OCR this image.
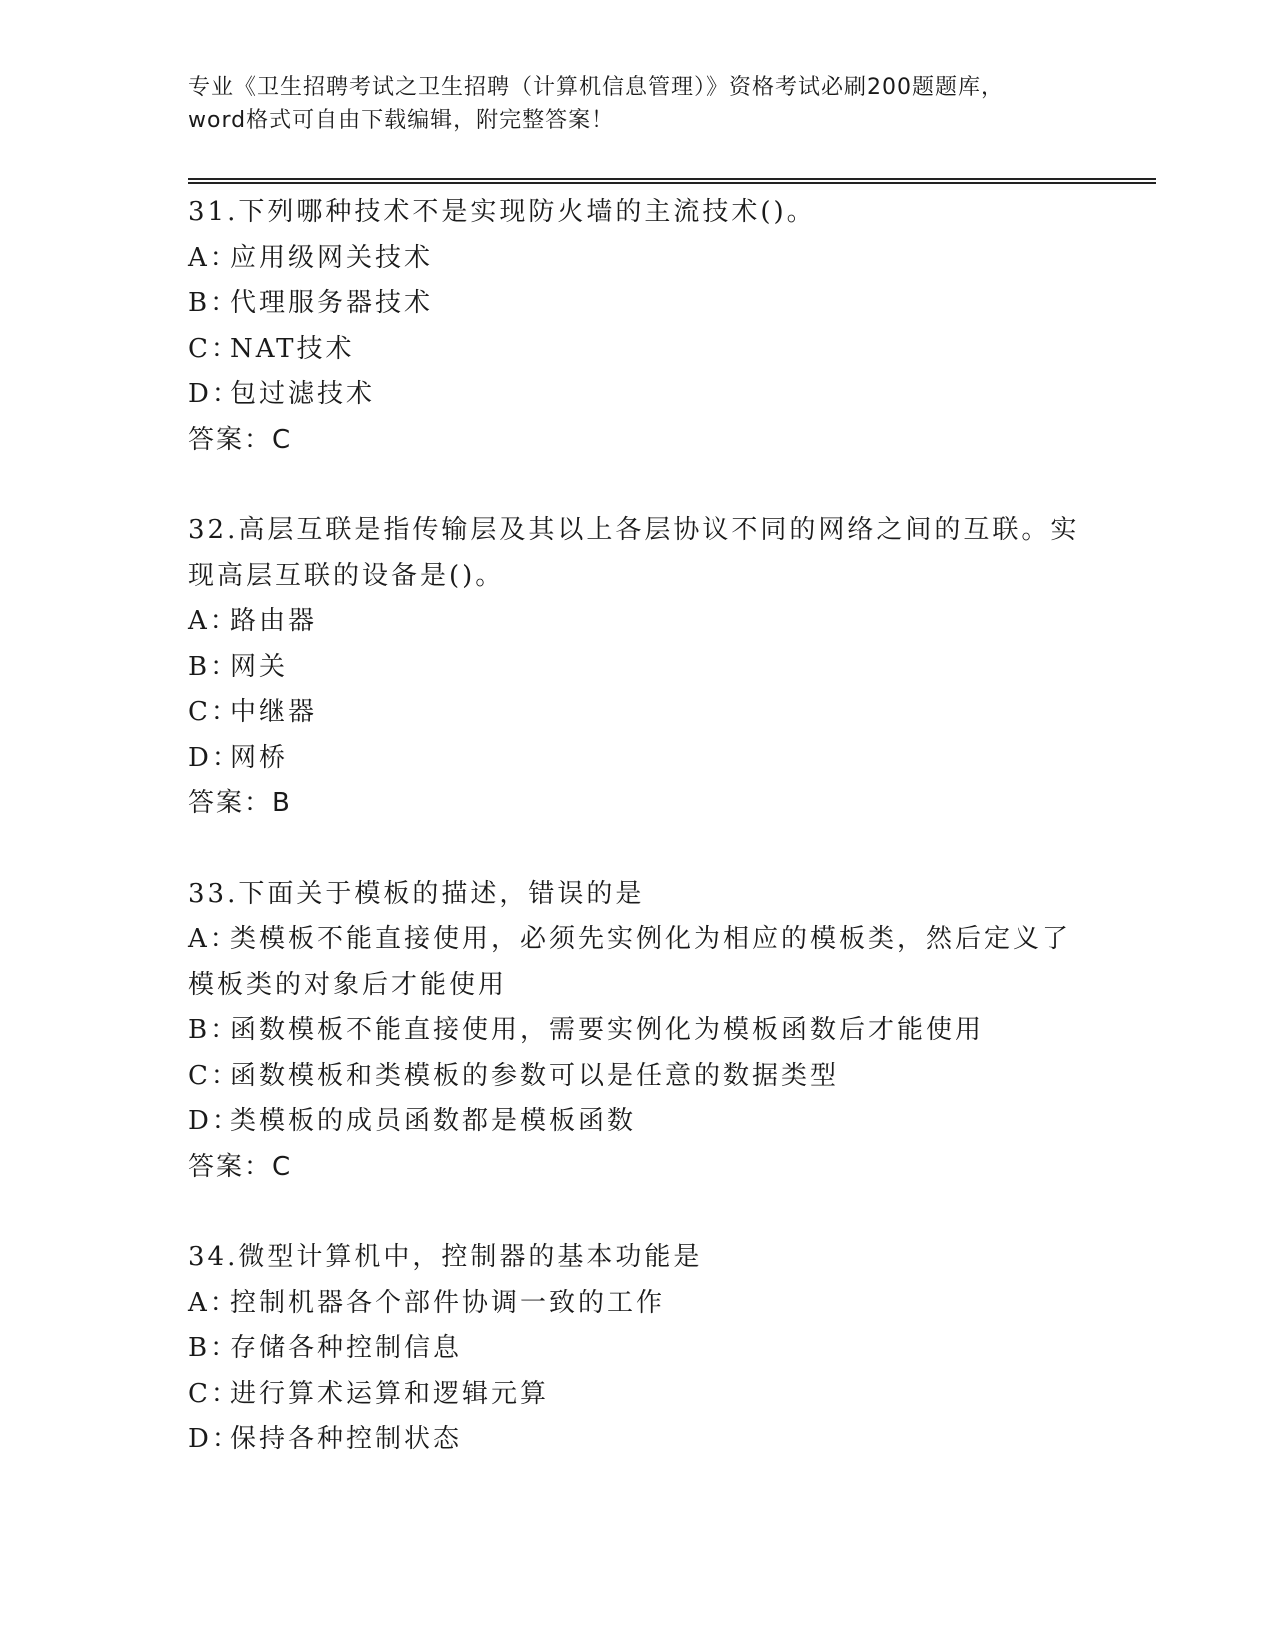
专业《卫生招聘考试之卫生招聘（计算机信息管理）》资格考试必刷200题题库，
word格式可自由下载编辑，附完整答案！
31.下列哪种技术不是实现防火墙的主流技术()。
A：应用级网关技术
B：代理服务器技术
C：NAT技术
D：包过滤技术
答案：C
32.高层互联是指传输层及其以上各层协议不同的网络之间的互联。实现高层互联的设备是()。
A：路由器
B：网关
C：中继器
D：网桥
答案：B
33.下面关于模板的描述，错误的是
A：类模板不能直接使用，必须先实例化为相应的模板类，然后定义了模板类的对象后才能使用
B：函数模板不能直接使用，需要实例化为模板函数后才能使用
C：函数模板和类模板的参数可以是任意的数据类型
D：类模板的成员函数都是模板函数
答案：C
34.微型计算机中，控制器的基本功能是
A：控制机器各个部件协调一致的工作
B：存储各种控制信息
C：进行算术运算和逻辑元算
D：保持各种控制状态
